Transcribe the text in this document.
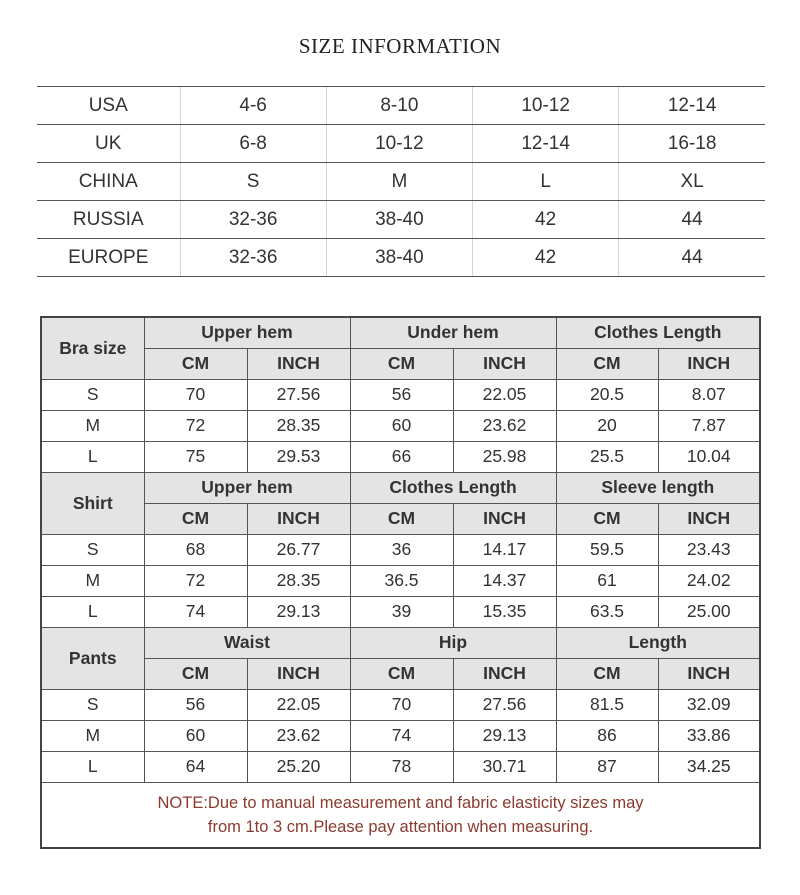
SIZE INFORMATION
USA	4-6	8-10	10-12	12-14
UK	6-8	10-12	12-14	16-18
CHINA	S	M	L	XL
RUSSIA	32-36	38-40	42	44
EUROPE	32-36	38-40	42	44
Bra size	Upper hem		Under hem		Clothes Length	
	CM	INCH	CM	INCH	CM	INCH
S	70	27.56	56	22.05	20.5	8.07
M	72	28.35	60	23.62	20	7.87
L	75	29.53	66	25.98	25.5	10.04
Shirt	Upper hem		Clothes Length		Sleeve length	
	CM	INCH	CM	INCH	CM	INCH
S	68	26.77	36	14.17	59.5	23.43
M	72	28.35	36.5	14.37	61	24.02
L	74	29.13	39	15.35	63.5	25.00
Pants	Waist		Hip		Length	
	CM	INCH	CM	INCH	CM	INCH
S	56	22.05	70	27.56	81.5	32.09
M	60	23.62	74	29.13	86	33.86
L	64	25.20	78	30.71	87	34.25
NOTE:Due to manual measurement and fabric elasticity sizes may from 1to 3 cm.Please pay attention when measuring.						
